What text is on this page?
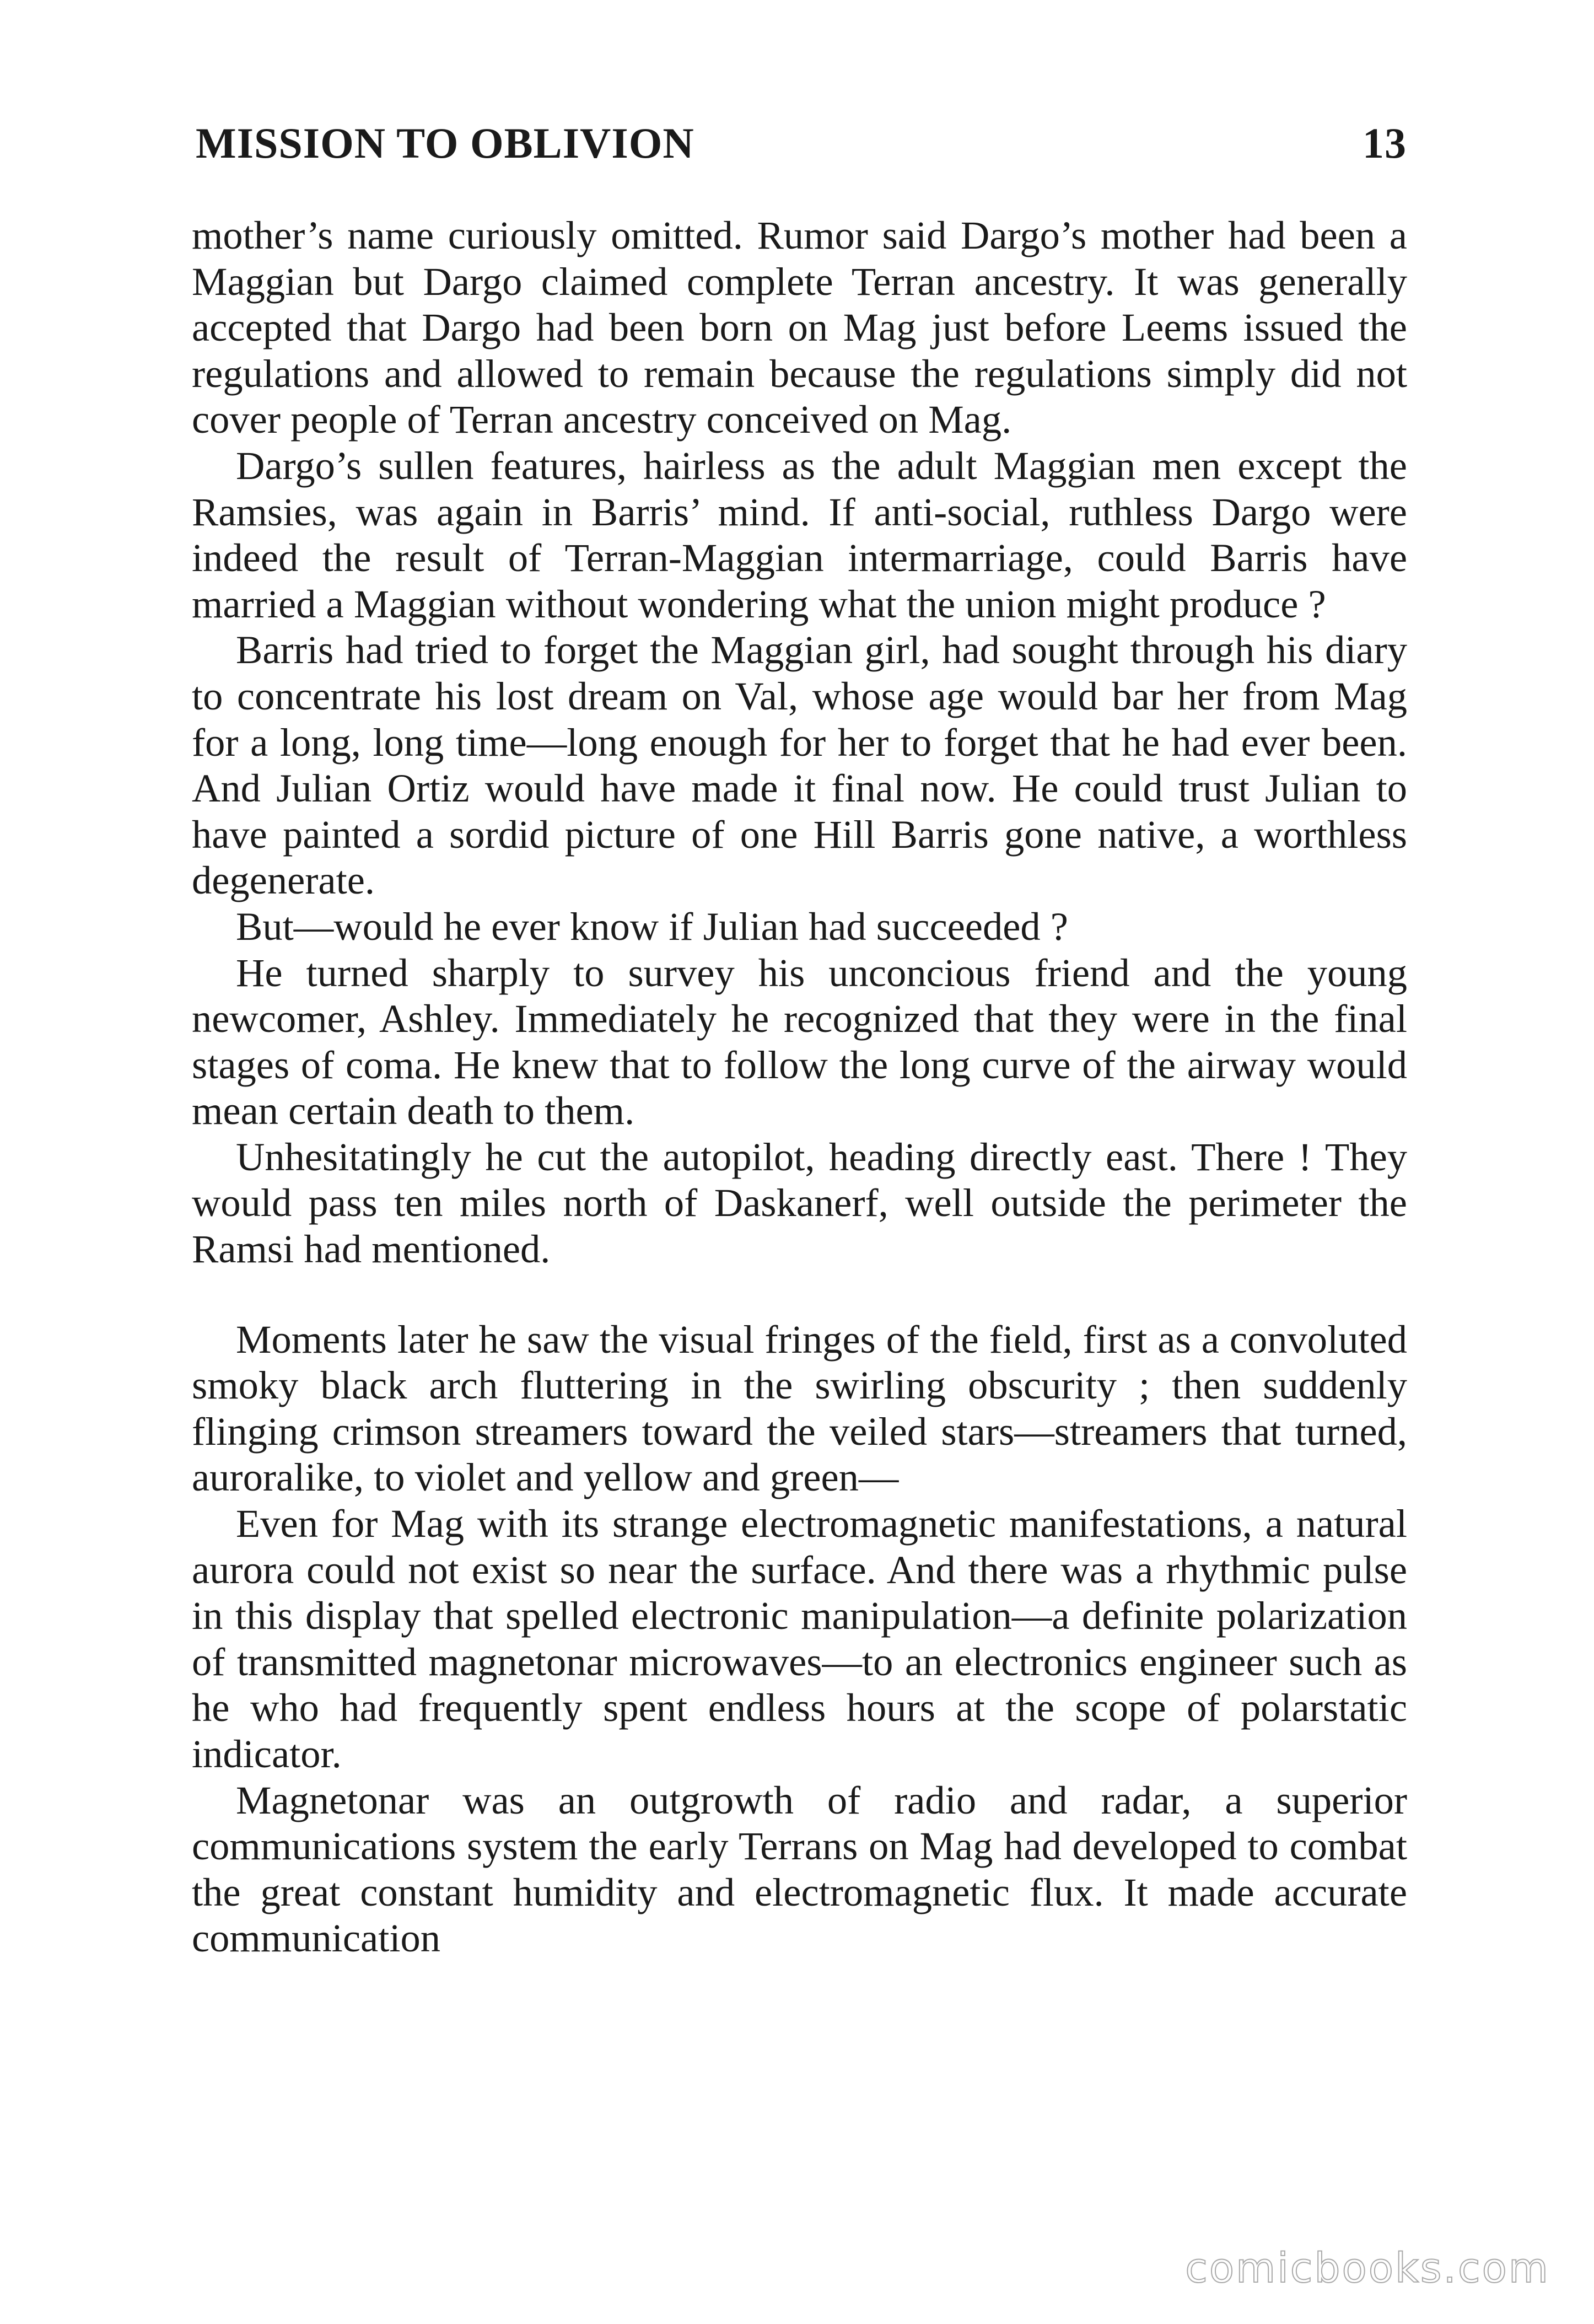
MISSION TO OBLIVION	13

mother’s name curiously omitted. Rumor said Dargo’s mother had been a Maggian but Dargo claimed complete Terran ancestry. It was generally accepted that Dargo had been born on Mag just before Leems issued the regulations and allowed to remain because the regulations simply did not cover people of Terran ancestry conceived on Mag.

Dargo’s sullen features, hairless as the adult Maggian men except the Ramsies, was again in Barris’ mind. If anti-social, ruthless Dargo were indeed the result of Terran-Maggian intermarriage, could Barris have married a Maggian without wondering what the union might produce ?

Barris had tried to forget the Maggian girl, had sought through his diary to concentrate his lost dream on Val, whose age would bar her from Mag for a long, long time—long enough for her to forget that he had ever been. And Julian Ortiz would have made it final now. He could trust Julian to have painted a sordid picture of one Hill Barris gone native, a worthless degenerate.

But—would he ever know if Julian had succeeded ?

He turned sharply to survey his unconcious friend and the young newcomer, Ashley. Immediately he recognized that they were in the final stages of coma. He knew that to follow the long curve of the airway would mean certain death to them.

Unhesitatingly he cut the autopilot, heading directly east. There ! They would pass ten miles north of Daskanerf, well outside the perimeter the Ramsi had mentioned.

Moments later he saw the visual fringes of the field, first as a convoluted smoky black arch fluttering in the swirling obscurity ; then suddenly flinging crimson streamers toward the veiled stars—streamers that turned, auroralike, to violet and yellow and green—

Even for Mag with its strange electromagnetic manifestations, a natural aurora could not exist so near the surface. And there was a rhythmic pulse in this display that spelled electronic manipulation—a definite polarization of transmitted magnetonar microwaves—to an electronics engineer such as he who had frequently spent endless hours at the scope of polarstatic indicator.

Magnetonar was an outgrowth of radio and radar, a superior communications system the early Terrans on Mag had developed to combat the great constant humidity and electromagnetic flux. It made accurate communication

comicbooks.com
